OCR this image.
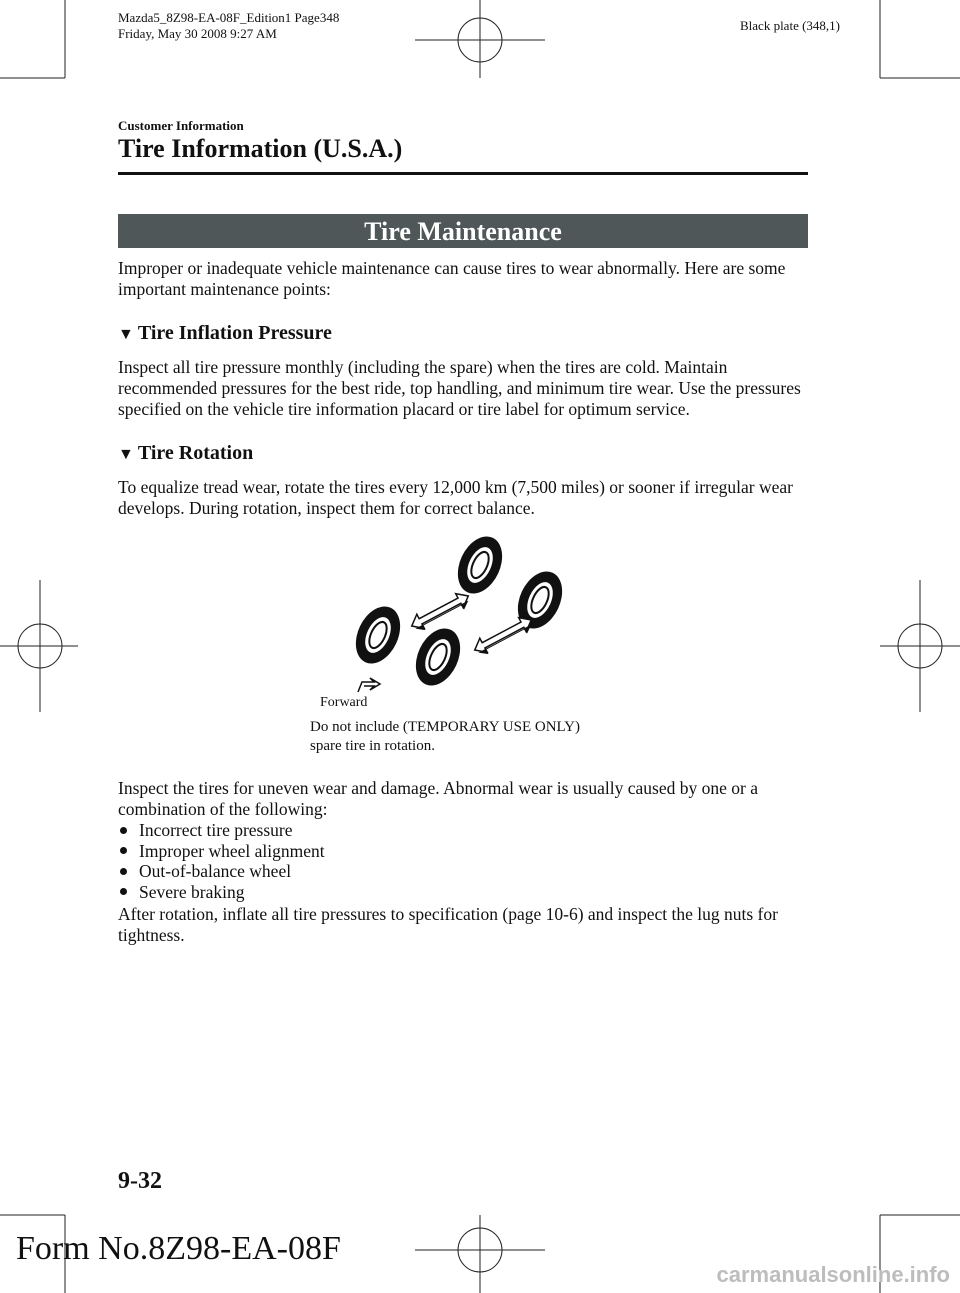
Mazda5_8Z98-EA-08F_Edition1 Page348
Friday, May 30 2008 9:27 AM
Black plate (348,1)
Customer Information
Tire Information (U.S.A.)
Tire Maintenance
Improper or inadequate vehicle maintenance can cause tires to wear abnormally. Here are some important maintenance points:
▼ Tire Inflation Pressure
Inspect all tire pressure monthly (including the spare) when the tires are cold. Maintain recommended pressures for the best ride, top handling, and minimum tire wear. Use the pressures specified on the vehicle tire information placard or tire label for optimum service.
▼ Tire Rotation
To equalize tread wear, rotate the tires every 12,000 km (7,500 miles) or sooner if irregular wear develops. During rotation, inspect them for correct balance.
Forward
Do not include (TEMPORARY USE ONLY)
spare tire in rotation.
Inspect the tires for uneven wear and damage. Abnormal wear is usually caused by one or a combination of the following:
Incorrect tire pressure
Improper wheel alignment
Out-of-balance wheel
Severe braking
After rotation, inflate all tire pressures to specification (page 10-6) and inspect the lug nuts for tightness.
9-32
Form No.8Z98-EA-08F
carmanualsonline.info
